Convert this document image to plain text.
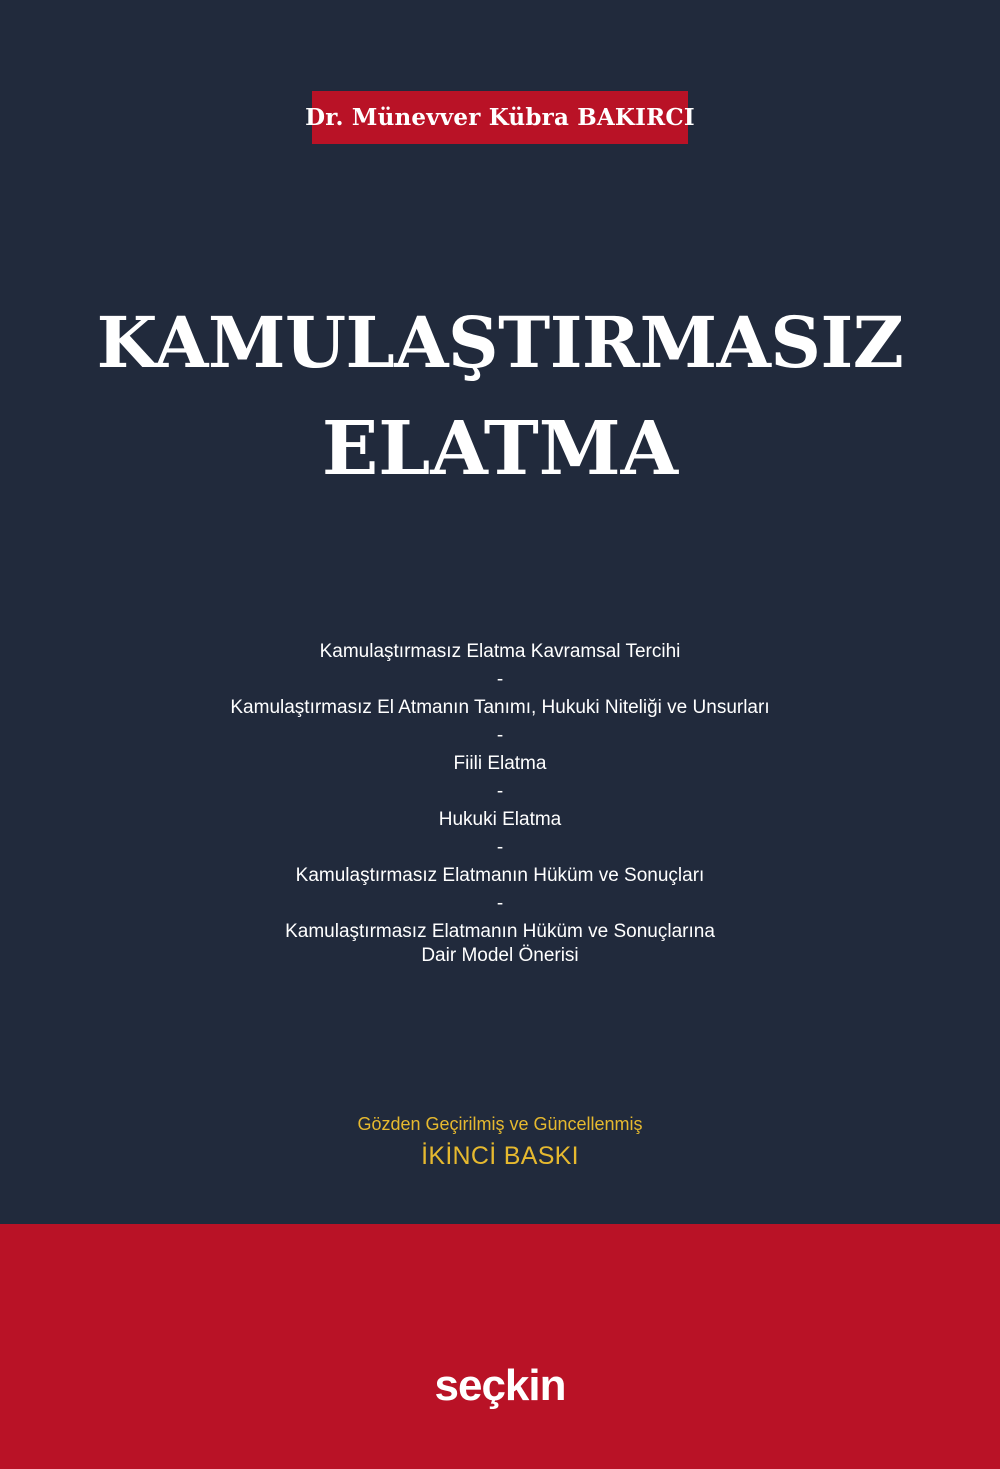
Dr. Münevver Kübra BAKIRCI
KAMULAŞTIRMASIZ
ELATMA
Kamulaştırmasız Elatma Kavramsal Tercihi
-
Kamulaştırmasız El Atmanın Tanımı, Hukuki Niteliği ve Unsurları
-
Fiili Elatma
-
Hukuki Elatma
-
Kamulaştırmasız Elatmanın Hüküm ve Sonuçları
-
Kamulaştırmasız Elatmanın Hüküm ve Sonuçlarına Dair Model Önerisi
Gözden Geçirilmiş ve Güncellenmiş
İKİNCİ BASKI
seçkin
